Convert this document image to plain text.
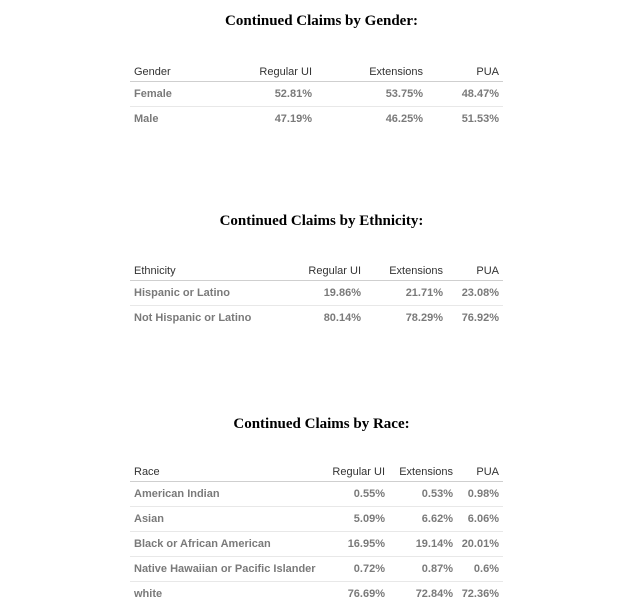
Continued Claims by Gender:
Gender	Regular UI	Extensions	PUA
Female	52.81%	53.75%	48.47%
Male	47.19%	46.25%	51.53%
Continued Claims by Ethnicity:
Ethnicity	Regular UI	Extensions	PUA
Hispanic or Latino	19.86%	21.71%	23.08%
Not Hispanic or Latino	80.14%	78.29%	76.92%
Continued Claims by Race:
Race	Regular UI	Extensions	PUA
American Indian	0.55%	0.53%	0.98%
Asian	5.09%	6.62%	6.06%
Black or African American	16.95%	19.14%	20.01%
Native Hawaiian or Pacific Islander	0.72%	0.87%	0.6%
white	76.69%	72.84%	72.36%
